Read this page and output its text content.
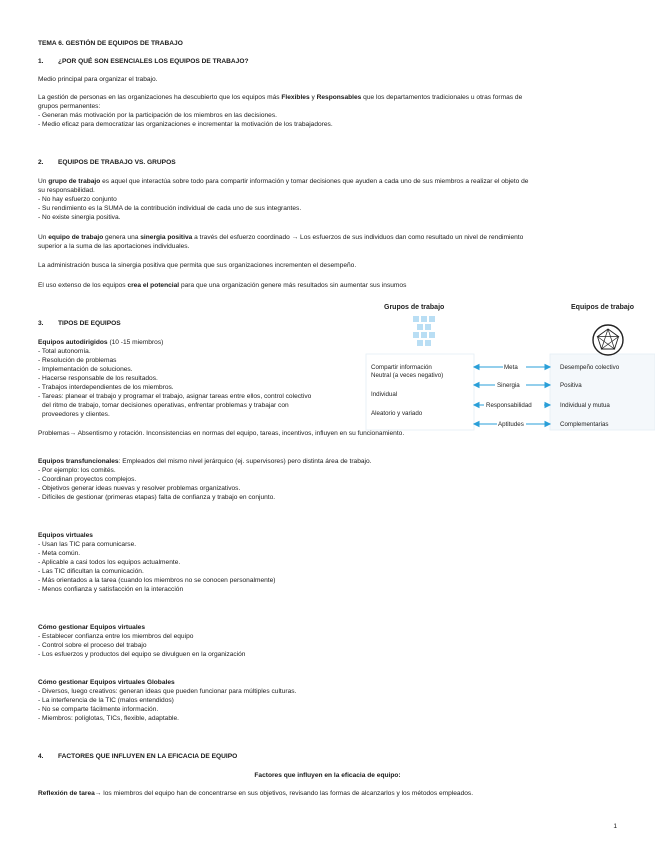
TEMA 6. GESTIÓN DE EQUIPOS DE TRABAJO
1. ¿POR QUÉ SON ESENCIALES LOS EQUIPOS DE TRABAJO?
Medio principal para organizar el trabajo.
La gestión de personas en las organizaciones ha descubierto que los equipos más Flexibles y Responsables que los departamentos tradicionales u otras formas de
grupos permanentes:
- Generan más motivación por la participación de los miembros en las decisiones.
- Medio eficaz para democratizar las organizaciones e incrementar la motivación de los trabajadores.
2. EQUIPOS DE TRABAJO VS. GRUPOS
Un grupo de trabajo es aquel que interactúa sobre todo para compartir información y tomar decisiones que ayuden a cada uno de sus miembros a realizar el objeto de
su responsabilidad.
- No hay esfuerzo conjunto
- Su rendimiento es la SUMA de la contribución individual de cada uno de sus integrantes.
- No existe sinergia positiva.
Un equipo de trabajo genera una sinergia positiva a través del esfuerzo coordinado → Los esfuerzos de sus individuos dan como resultado un nivel de rendimiento
superior a la suma de las aportaciones individuales.
La administración busca la sinergia positiva que permita que sus organizaciones incrementen el desempeño.
El uso extenso de los equipos crea el potencial para que una organización genere más resultados sin aumentar sus insumos
Grupos de trabajo	Equipos de trabajo
Compartir información
Neutral (a veces negativo)
Individual
Aleatorio y variado
Meta
Sinergia
Responsabilidad
Aptitudes
Desempeño colectivo
Positiva
Individual y mutua
Complementarias
3. TIPOS DE EQUIPOS
Equipos autodirigidos (10 -15 miembros)
- Total autonomía.
- Resolución de problemas
- Implementación de soluciones.
- Hacerse responsable de los resultados.
- Trabajos interdependientes de los miembros.
- Tareas: planear el trabajo y programar el trabajo, asignar tareas entre ellos, control colectivo
del ritmo de trabajo, tomar decisiones operativas, enfrentar problemas y trabajar con
proveedores y clientes.
Problemas→ Absentismo y rotación. Inconsistencias en normas del equipo, tareas, incentivos, influyen en su funcionamiento.
Equipos transfuncionales: Empleados del mismo nivel jerárquico (ej. supervisores) pero distinta área de trabajo.
- Por ejemplo: los comités.
- Coordinan proyectos complejos.
- Objetivos generar ideas nuevas y resolver problemas organizativos.
- Difíciles de gestionar (primeras etapas) falta de confianza y trabajo en conjunto.
Equipos virtuales
- Usan las TIC para comunicarse.
- Meta común.
- Aplicable a casi todos los equipos actualmente.
- Las TIC dificultan la comunicación.
- Más orientados a la tarea (cuando los miembros no se conocen personalmente)
- Menos confianza y satisfacción en la interacción
Cómo gestionar Equipos virtuales
- Establecer confianza entre los miembros del equipo
- Control sobre el proceso del trabajo
- Los esfuerzos y productos del equipo se divulguen en la organización
Cómo gestionar Equipos virtuales Globales
- Diversos, luego creativos: generan ideas que pueden funcionar para múltiples culturas.
- La interferencia de la TIC (malos entendidos)
- No se comparte fácilmente información.
- Miembros: políglotas, TICs, flexible, adaptable.
4. FACTORES QUE INFLUYEN EN LA EFICACIA DE EQUIPO
Factores que influyen en la eficacia de equipo:
Reflexión de tarea→ los miembros del equipo han de concentrarse en sus objetivos, revisando las formas de alcanzarlos y los métodos empleados.
1
